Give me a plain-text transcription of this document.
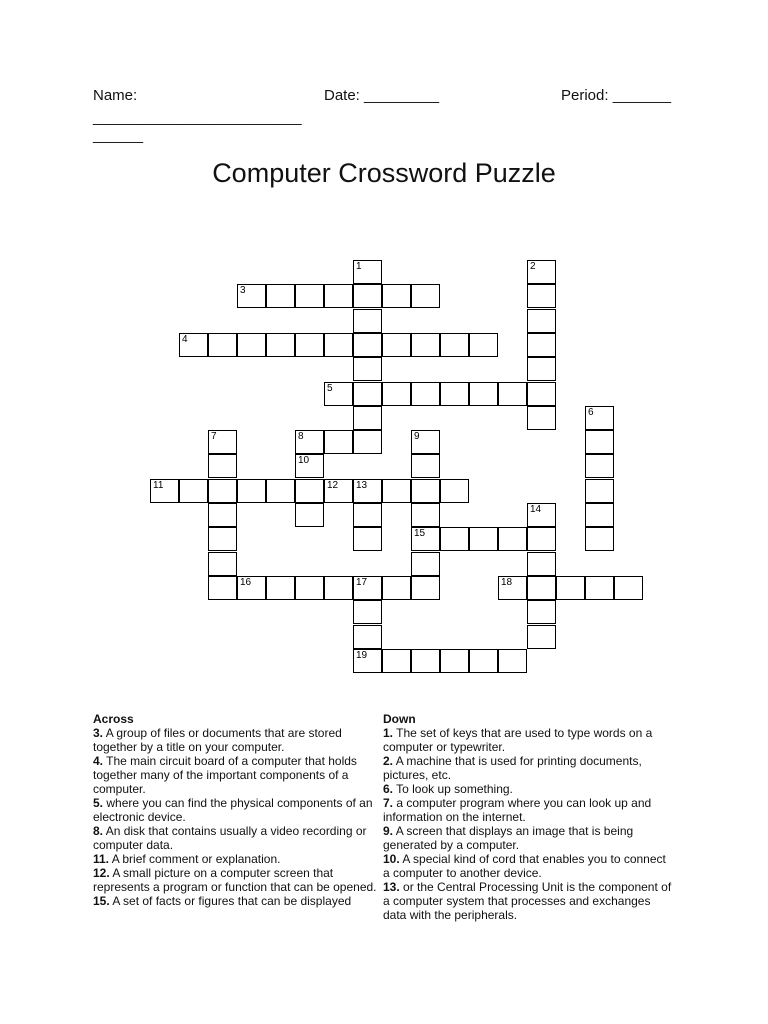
Name:	Date: _________	Period: _______
_________________________
______
Computer Crossword Puzzle
1	2
3
4
5
6
7	8	9
15
10
11	12 13
14
16	17
19
18
Across

3. A group of files or documents that are stored together by a title on your computer.

4. The main circuit board of a computer that holds together many of the important components of a computer.

5. where you can find the physical components of an electronic device.

8. An disk that contains usually a video recording or computer data.

11. A brief comment or explanation.

12. A small picture on a computer screen that represents a program or function that can be opened.

15. A set of facts or figures that can be displayed

Down

1. The set of keys that are used to type words on a computer or typewriter.

2. A machine that is used for printing documents, pictures, etc.

6. To look up something.

7. a computer program where you can look up and information on the internet.

9. A screen that displays an image that is being generated by a computer.

10. A special kind of cord that enables you to connect a computer to another device.

13. or the Central Processing Unit is the component of a computer system that processes and exchanges data with the peripherals.
